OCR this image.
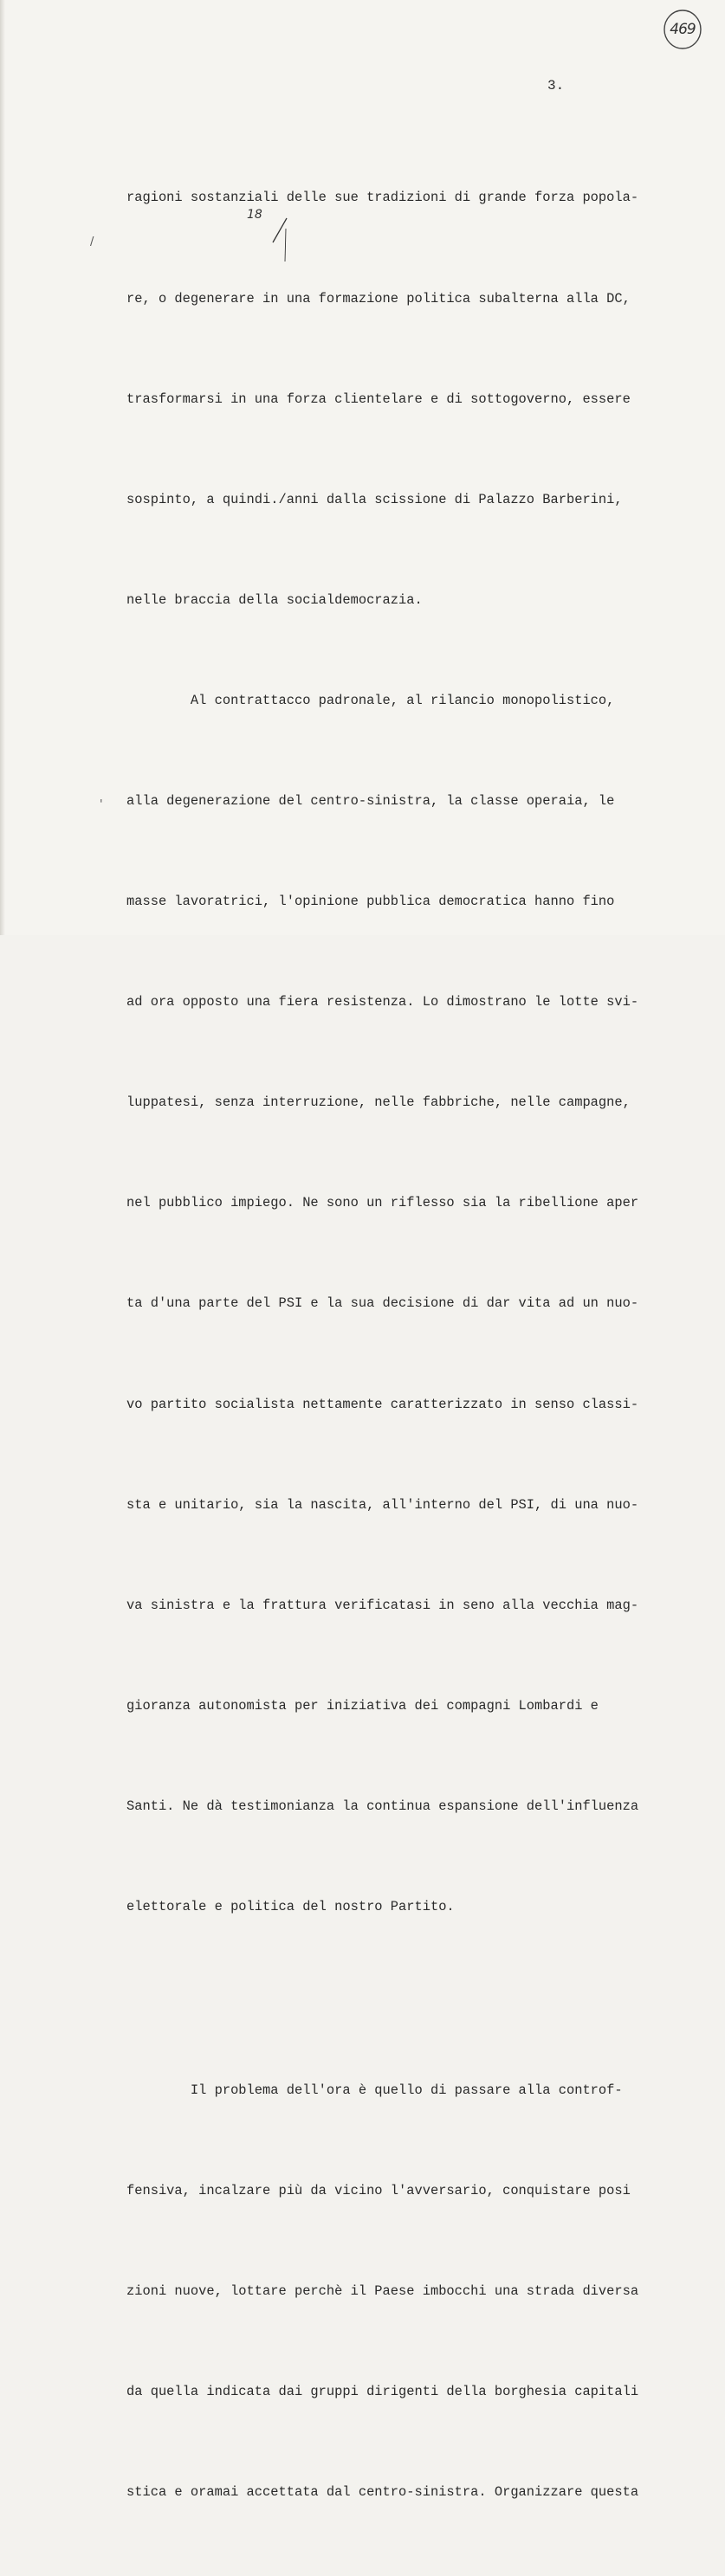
469
3.
18
/
'

ragioni sostanziali delle sue tradizioni di grande forza popola-

re, o degenerare in una formazione politica subalterna alla DC,

trasformarsi in una forza clientelare e di sottogoverno, essere

sospinto, a quindi./anni dalla scissione di Palazzo Barberini,

nelle braccia della socialdemocrazia.

Al contrattacco padronale, al rilancio monopolistico,

alla degenerazione del centro-sinistra, la classe operaia, le

masse lavoratrici, l'opinione pubblica democratica hanno fino

ad ora opposto una fiera resistenza. Lo dimostrano le lotte svi-

luppatesi, senza interruzione, nelle fabbriche, nelle campagne,

nel pubblico impiego. Ne sono un riflesso sia la ribellione aper

ta d'una parte del PSI e la sua decisione di dar vita ad un nuo-

vo partito socialista nettamente caratterizzato in senso classi-

sta e unitario, sia la nascita, all'interno del PSI, di una nuo-

va sinistra e la frattura verificatasi in seno alla vecchia mag-

gioranza autonomista per iniziativa dei compagni Lombardi e

Santi. Ne dà testimonianza la continua espansione dell'influenza

elettorale e politica del nostro Partito.

Il problema dell'ora è quello di passare alla controf-

fensiva, incalzare più da vicino l'avversario, conquistare posi

zioni nuove, lottare perchè il Paese imbocchi una strada diversa

da quella indicata dai gruppi dirigenti della borghesia capitali

stica e oramai accettata dal centro-sinistra. Organizzare questa
